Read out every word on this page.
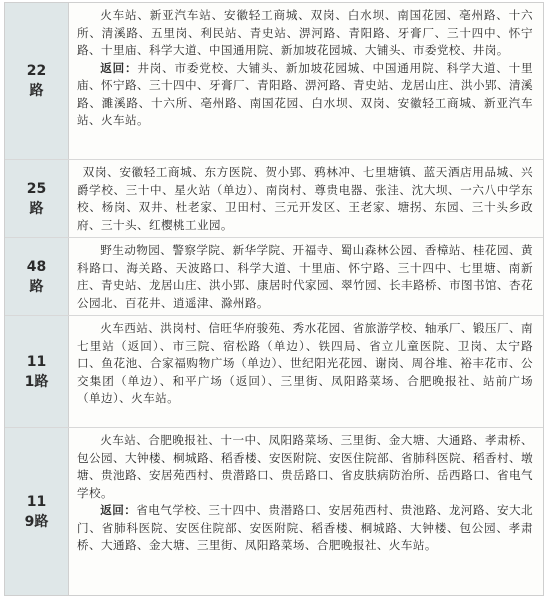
22路

火车站、新亚汽车站、安徽轻工商城、双岗、白水坝、南国花园、亳州路、十六所、清溪路、五里岗、利民站、青史站、淠河路、青阳路、牙膏厂、三十四中、怀宁路、十里庙、科学大道、中国通用院、新加坡花园城、大铺头、市委党校、井岗。

返回：井岗、市委党校、大铺头、新加坡花园城、中国通用院、科学大道、十里庙、怀宁路、三十四中、牙膏厂、青阳路、淠河路、青史站、龙居山庄、洪小郢、清溪路、濉溪路、十六所、亳州路、南国花园、白水坝、双岗、安徽轻工商城、新亚汽车站、火车站。

25路

双岗、安徽轻工商城、东方医院、贺小郢、鸦林冲、七里塘镇、蓝天酒店用品城、兴爵学校、三十中、星火站（单边）、南岗村、尊贵电器、张洼、沈大坝、一六八中学东校、杨岗、双井、杜老家、卫田村、三元开发区、王老家、塘拐、东园、三十头乡政府、三十头、红樱桃工业园。

48路

野生动物园、警察学院、新华学院、开福寺、蜀山森林公园、香樟站、桂花园、黄科路口、海关路、天波路口、科学大道、十里庙、怀宁路、三十四中、七里塘、南新庄、青史站、龙居山庄、洪小郢、康居时代家园、翠竹园、长丰路桥、市图书馆、杏花公园北、百花井、逍遥津、滁州路。

111路

火车西站、洪岗村、信旺华府骏苑、秀水花园、省旅游学校、轴承厂、锻压厂、南七里站（返回）、市三院、宿松路（单边）、铁四局、省立儿童医院、卫岗、太宁路口、鱼花池、合家福购物广场（单边）、世纪阳光花园、谢岗、周谷堆、裕丰花市、公交集团（单边）、和平广场（返回）、三里街、凤阳路菜场、合肥晚报社、站前广场（单边）、火车站。

119路

火车站、合肥晚报社、十一中、凤阳路菜场、三里街、金大塘、大通路、孝肃桥、包公园、大钟楼、桐城路、稻香楼、安医附院、安医住院部、省肺科医院、稻香村、墩塘、贵池路、安居苑西村、贵潜路口、贵岳路口、省皮肤病防治所、岳西路口、省电气学校。

返回：省电气学校、三十四中、贵潜路口、安居苑西村、贵池路、龙河路、安大北门、省肺科医院、安医住院部、安医附院、稻香楼、桐城路、大钟楼、包公园、孝肃桥、大通路、金大塘、三里街、凤阳路菜场、合肥晚报社、火车站。
